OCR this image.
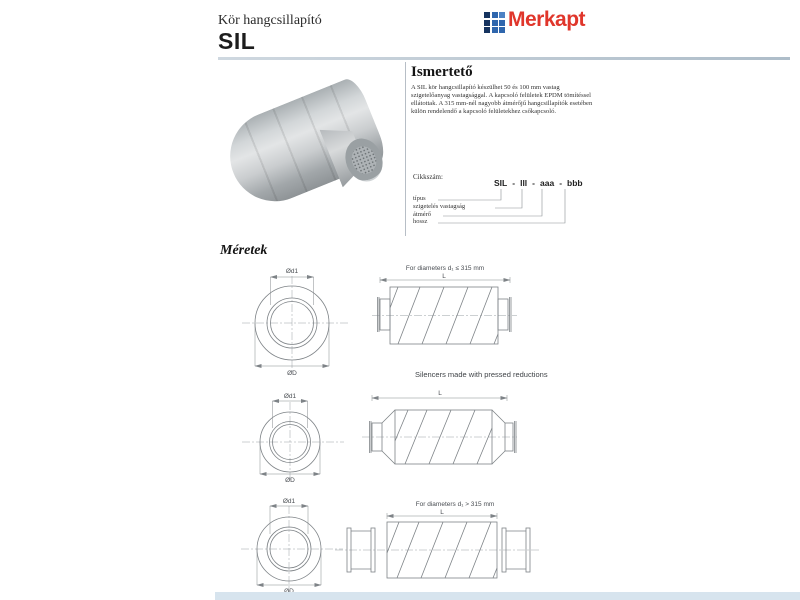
Kör hangcsillapító
SIL
Merkapt
Ismertető
A SIL kör hangcsillapító készülhet 50 és 100 mm vastag szigetelőanyag vastagsággal. A kapcsoló felületek EPDM tömítéssel ellátottak. A 315 mm-nél nagyobb átmérőjű hangcsillapítók esetében külön rendelendő a kapcsoló felületekhez csőkapcsoló.
Cikkszám:
SIL - lll - aaa - bbb
típus
szigetelés vastagság
átmérő
hossz
Méretek
Ød1
ØD
For diameters d₁ ≤ 315 mm
L
Silencers made with pressed reductions
Ød1
ØD
L
Ød1	For diameters d₁ > 315 mm
L
